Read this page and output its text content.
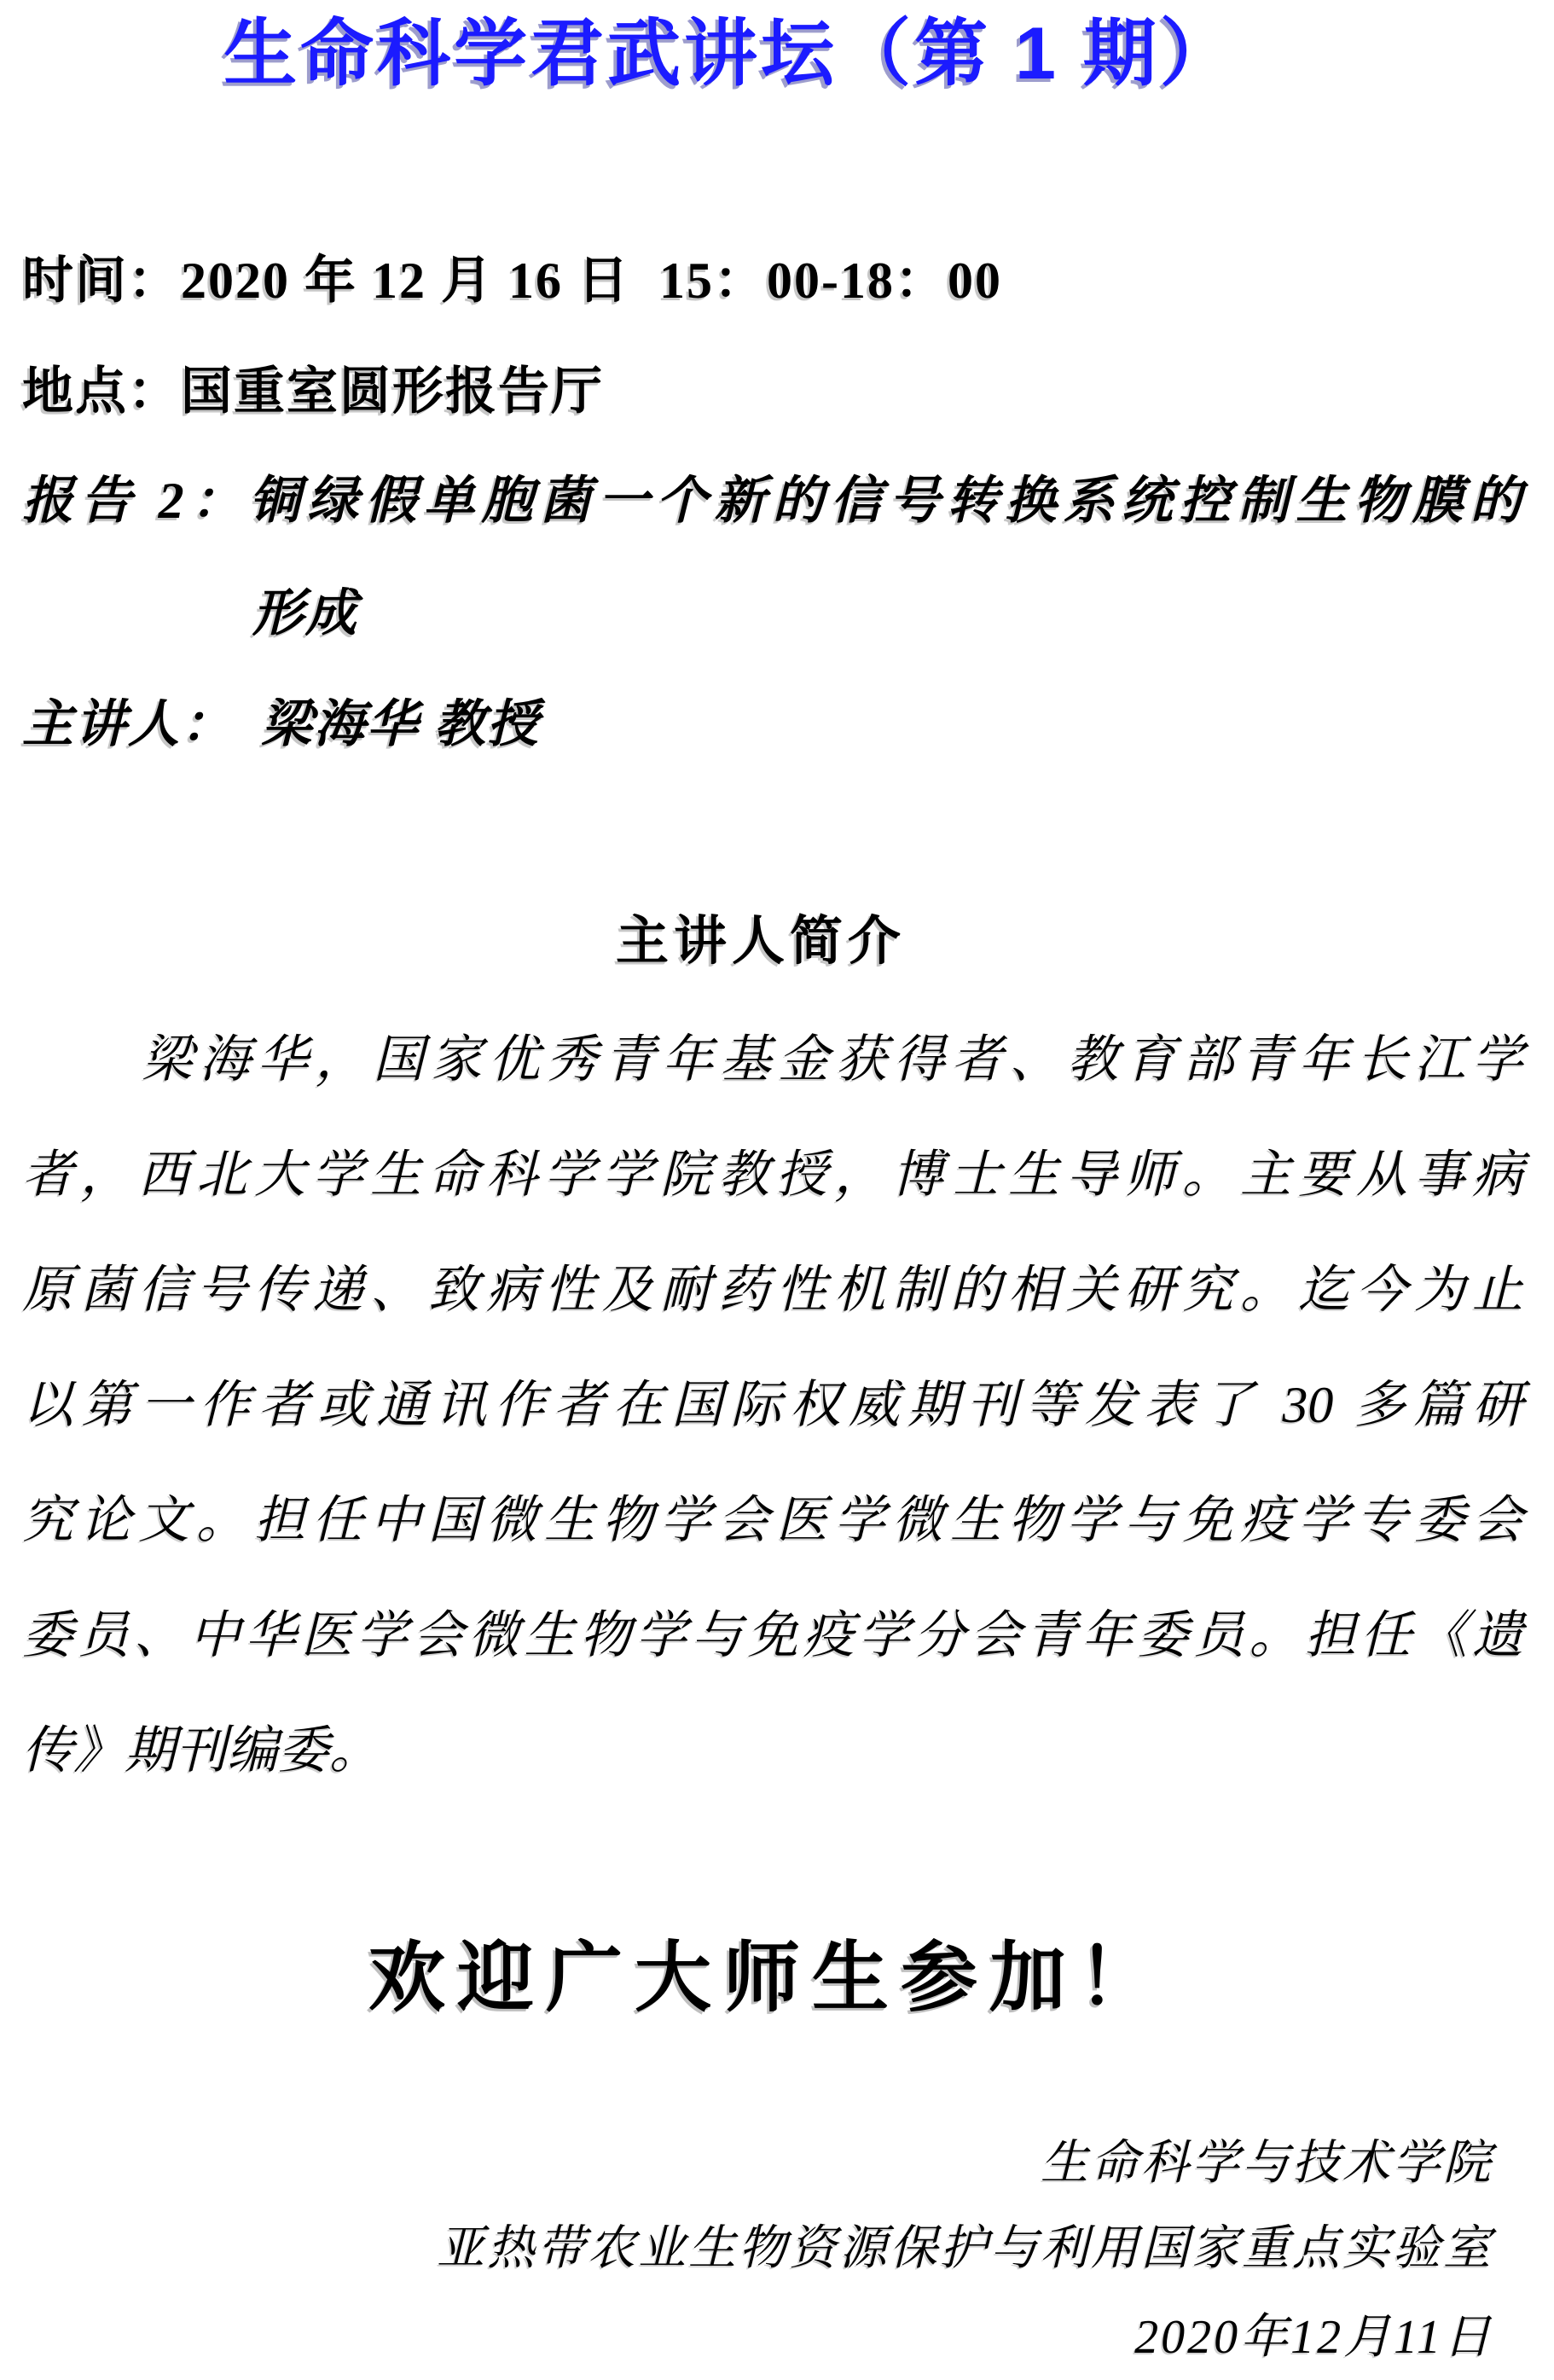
生命科学君武讲坛（第 1 期）
时间：2020 年 12 月 16 日  15：00-18：00
地点：国重室圆形报告厅
报告 2：铜绿假单胞菌一个新的信号转换系统控制生物膜的
形成
主讲人：　梁海华 教授
主讲人简介
梁海华，国家优秀青年基金获得者、教育部青年长江学
者，西北大学生命科学学院教授，博士生导师。主要从事病
原菌信号传递、致病性及耐药性机制的相关研究。迄今为止
以第一作者或通讯作者在国际权威期刊等发表了 30 多篇研
究论文。担任中国微生物学会医学微生物学与免疫学专委会
委员、中华医学会微生物学与免疫学分会青年委员。担任《遗
传》期刊编委。
欢迎广大师生参加！
生命科学与技术学院
亚热带农业生物资源保护与利用国家重点实验室
2020年12月11日
